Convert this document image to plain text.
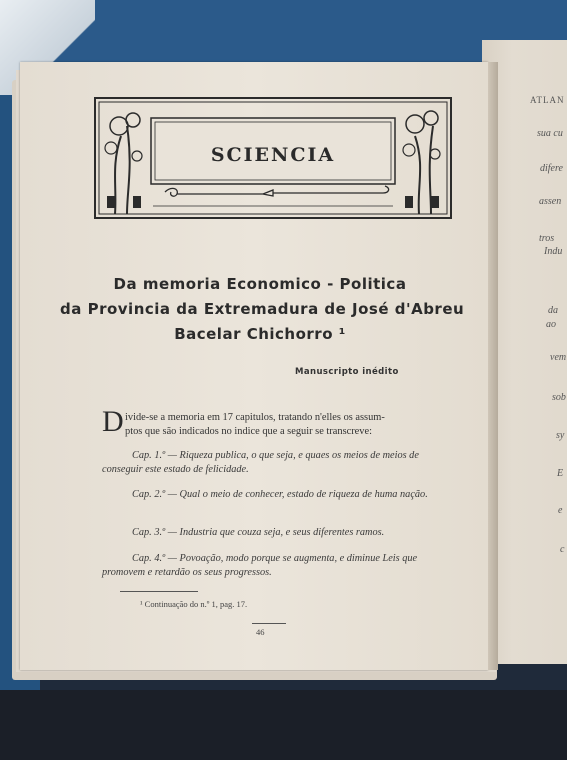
ATLAN
sua cu
difere
assen
tros
Indu
da
ao
vem
sob
sy
E
e
c
SCIENCIA
Da memoria Economico - Politica
da Provincia da Extremadura de José d'Abreu
Bacelar Chichorro ¹
Manuscripto inédito
D ivide-se a memoria em 17 capitulos, tratando n'elles os assum-
ptos que são indicados no indice que a seguir se transcreve:
Cap. 1.º — Riqueza publica, o que seja, e quaes os meios de meios de conseguir este estado de felicidade.
Cap. 2.º — Qual o meio de conhecer, estado de riqueza de huma nação.
Cap. 3.º — Industria que couza seja, e seus diferentes ramos.
Cap. 4.º — Povoação, modo porque se augmenta, e diminue Leis que promovem e retardão os seus progressos.
¹ Continuação do n.º 1, pag. 17.
46
